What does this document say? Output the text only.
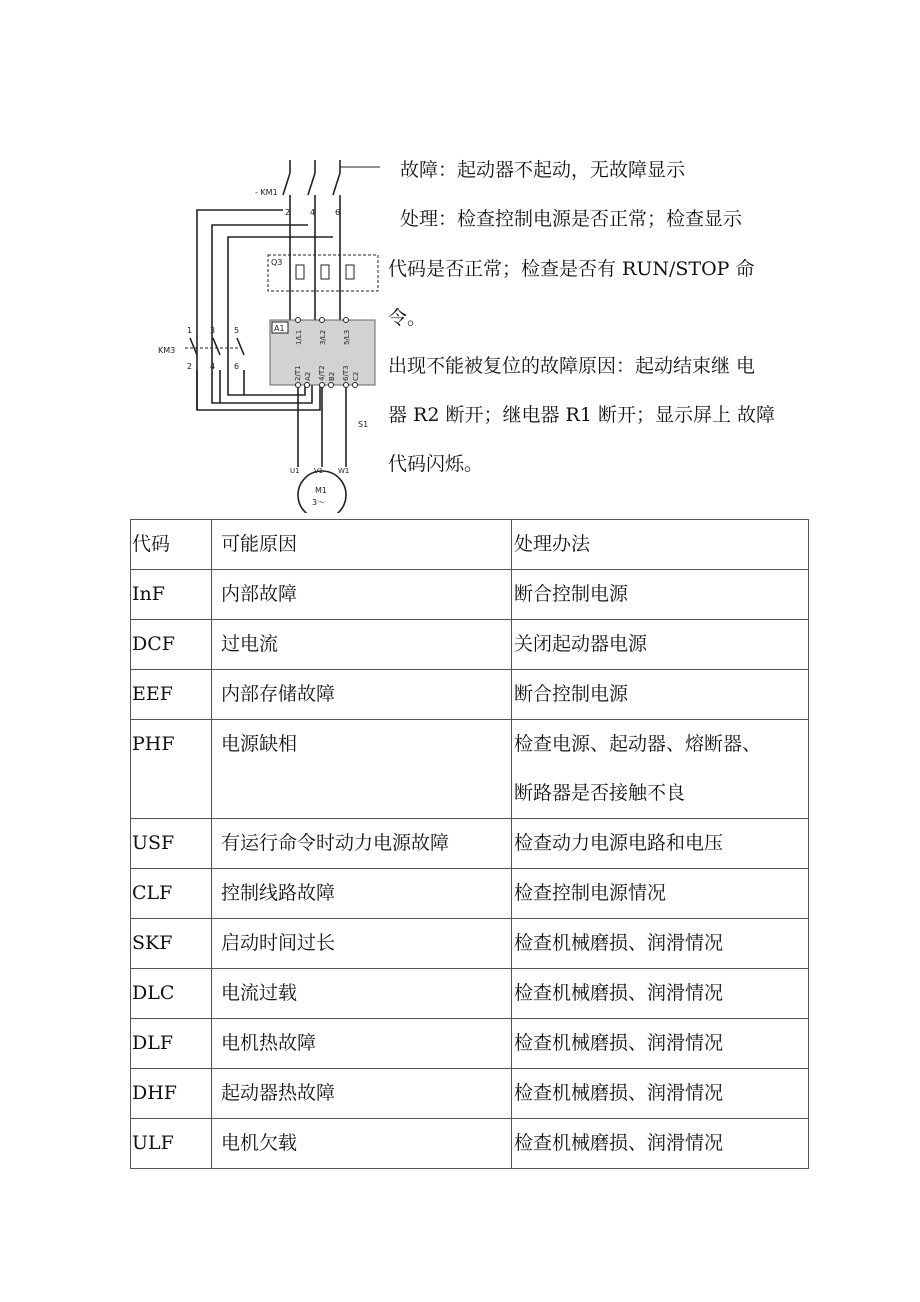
- KM1
2 4 6
Q3
1 3 5
KM3
2 4 6
A1
1/L1 3/L2 5/L3
2/T1 A2 4/T2 B2 6/T3 C2
S1
U1 V1 W1
M1
3～
故障：起动器不起动，无故障显示
处理：检查控制电源是否正常；检查显示
代码是否正常；检查是否有 RUN/STOP 命
令。
出现不能被复位的故障原因：起动结束继 电
器 R2 断开；继电器 R1 断开；显示屏上 故障
代码闪烁。
代码	可能原因	处理办法

InF	内部故障	断合控制电源

DCF	过电流	关闭起动器电源

EEF	内部存储故障	断合控制电源

PHF	电源缺相	检查电源、起动器、熔断器、
断路器是否接触不良

USF	有运行命令时动力电源故障	检查动力电源电路和电压

CLF	控制线路故障	检查控制电源情况

SKF	启动时间过长	检查机械磨损、润滑情况

DLC	电流过载	检查机械磨损、润滑情况

DLF	电机热故障	检查机械磨损、润滑情况

DHF	起动器热故障	检查机械磨损、润滑情况

ULF	电机欠载	检查机械磨损、润滑情况
